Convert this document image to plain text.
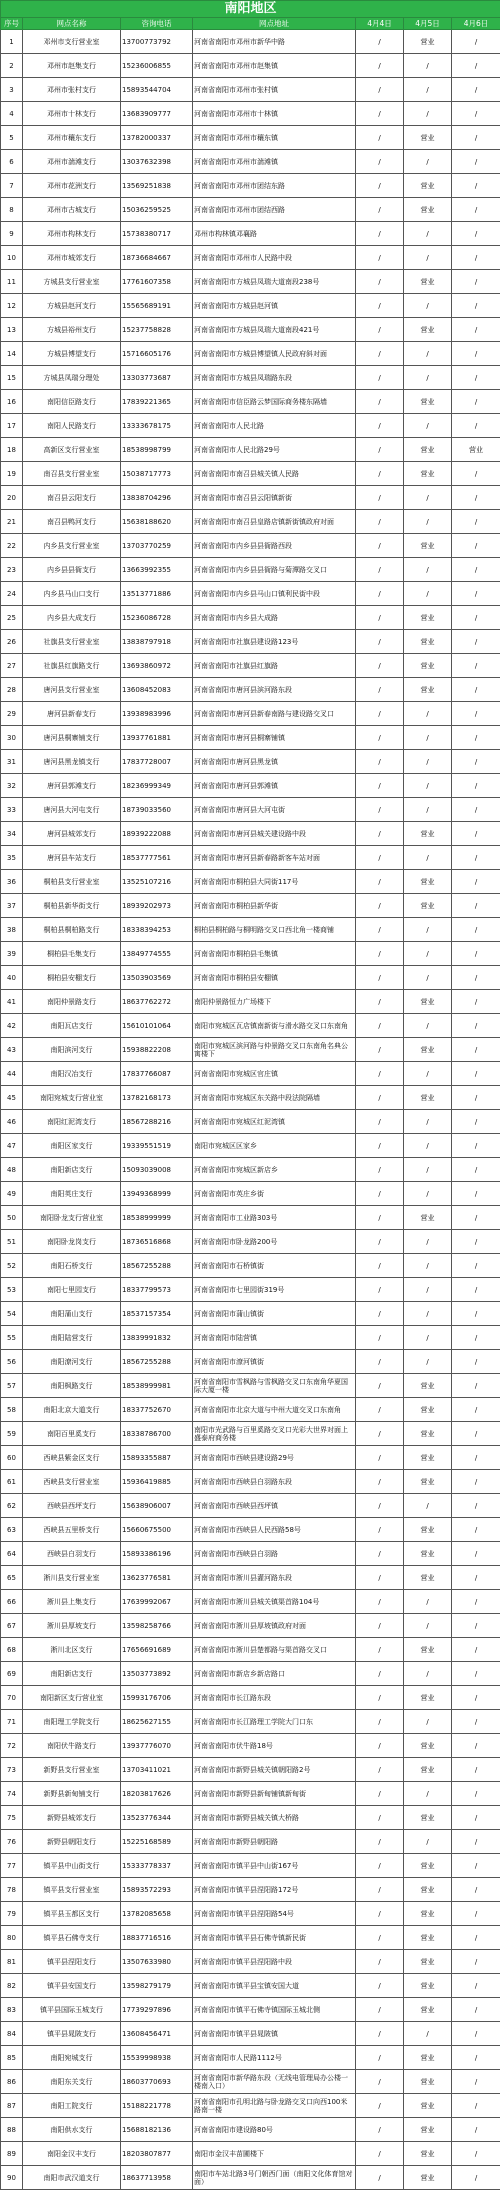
南阳地区						
序号	网点名称	咨询电话	网点地址	4月4日	4月5日	4月6日
1	邓州市支行营业室	13700773792	河南省南阳市邓州市新华中路	/	营业	/
2	邓州市赵集支行	15236006855	河南省南阳市邓州市赵集镇	/	/	/
3	邓州市张村支行	15893544704	河南省南阳市邓州市张村镇	/	/	/
4	邓州市十林支行	13683909777	河南省南阳市邓州市十林镇	/	/	/
5	邓州市穰东支行	13782000337	河南省南阳市邓州市穰东镇	/	营业	/
6	邓州市湍滩支行	13037632398	河南省南阳市邓州市湍滩镇	/	/	/
7	邓州市花洲支行	13569251838	河南省南阳市邓州市团结东路	/	营业	/
8	邓州市古城支行	15036259525	河南省南阳市邓州市团结西路	/	营业	/
9	邓州市构林支行	15738380717	邓州市构林镇邓襄路	/	/	/
10	邓州市城郊支行	18736684667	河南省南阳市邓州市人民路中段	/	/	/
11	方城县支行营业室	17761607358	河南省南阳市方城县凤瑞大道南段238号	/	营业	/
12	方城县赵河支行	15565689191	河南省南阳市方城县赵河镇	/	/	/
13	方城县裕州支行	15237758828	河南省南阳市方城县凤瑞大道南段421号	/	营业	/
14	方城县博望支行	15716605176	河南省南阳市方城县博望镇人民政府斜对面	/	/	/
15	方城县凤瑞分理处	13303773687	河南省南阳市方城县凤瑞路东段	/	/	/
16	南阳信臣路支行	17839221365	河南省南阳市信臣路云梦国际商务楼东隔墙	/	营业	/
17	南阳人民路支行	13333678175	河南省南阳市人民北路	/	/	/
18	高新区支行营业室	18538998799	河南省南阳市人民北路29号	/	营业	营业
19	南召县支行营业室	15038717773	河南省南阳市南召县城关镇人民路	/	营业	/
20	南召县云阳支行	13838704296	河南省南阳市南召县云阳镇新街	/	/	/
21	南召县鸭河支行	15638188620	河南省南阳市南召县皇路店镇新街镇政府对面	/	/	/
22	内乡县支行营业室	13703770259	河南省南阳市内乡县县衙路西段	/	营业	/
23	内乡县县衙支行	13663992355	河南省南阳市内乡县县衙路与菊潭路交叉口	/	/	/
24	内乡县马山口支行	13513771886	河南省南阳市内乡县马山口镇利民街中段	/	/	/
25	内乡县大成支行	15236086728	河南省南阳市内乡县大成路	/	营业	/
26	社旗县支行营业室	13838797918	河南省南阳市社旗县建设路123号	/	营业	/
27	社旗县红旗路支行	13693860972	河南省南阳市社旗县红旗路	/	营业	/
28	唐河县支行营业室	13608452083	河南省南阳市唐河县滨河路东段	/	营业	/
29	唐河县新春支行	13938983996	河南省南阳市唐河县新春南路与建设路交叉口	/	/	/
30	唐河县桐寨铺支行	13937761881	河南省南阳市唐河县桐寨铺镇	/	/	/
31	唐河县黑龙镇支行	17837728007	河南省南阳市唐河县黑龙镇	/	/	/
32	唐河县郭滩支行	18236999349	河南省南阳市唐河县郭滩镇	/	/	/
33	唐河县大河屯支行	18739033560	河南省南阳市唐河县大河屯街	/	/	/
34	唐河县城郊支行	18939222088	河南省南阳市唐河县城关建设路中段	/	营业	/
35	唐河县车站支行	18537777561	河南省南阳市唐河县新春路新客车站对面	/	/	/
36	桐柏县支行营业室	13525107216	河南省南阳市桐柏县大同街117号	/	营业	/
37	桐柏县新华街支行	18939202973	河南省南阳市桐柏县新华街	/	营业	/
38	桐柏县桐柏路支行	18338394253	桐柏县桐柏路与桐明路交叉口西北角一楼商铺	/	/	/
39	桐柏县毛集支行	13849774555	河南省南阳市桐柏县毛集镇	/	/	/
40	桐柏县安棚支行	13503903569	河南省南阳市桐柏县安棚镇	/	/	/
41	南阳仲景路支行	18637762272	南阳仲景路恒力广场楼下	/	营业	/
42	南阳瓦店支行	15610101064	南阳市宛城区瓦店镇南新街与滑水路交叉口东南角	/	/	/
43	南阳滨河支行	15938822208	南阳市宛城区滨河路与仲景路交叉口东南角名典公寓楼下	/	营业	/
44	南阳汉冶支行	17837766087	河南省南阳市宛城区官庄镇	/	/	/
45	南阳宛城支行营业室	13782168173	河南省南阳市宛城区东关路中段法院隔墙	/	营业	/
46	南阳红泥湾支行	18567288216	河南省南阳市宛城区红泥湾镇	/	/	/
47	南阳区家支行	19339551519	南阳市宛城区区家乡	/	/	/
48	南阳新店支行	15093039008	河南省南阳市宛城区新店乡	/	/	/
49	南阳英庄支行	13949368999	河南省南阳市英庄乡街	/	/	/
50	南阳卧龙支行营业室	18538999999	河南省南阳市工业路303号	/	营业	/
51	南阳卧龙岗支行	18736516868	河南省南阳市卧龙路200号	/	/	/
52	南阳石桥支行	18567255288	河南省南阳市石桥镇街	/	/	/
53	南阳七里园支行	18337799573	河南省南阳市七里园街319号	/	/	/
54	南阳蒲山支行	18537157354	河南省南阳市蒲山镇街	/	/	/
55	南阳陆营支行	13839991832	河南省南阳市陆营镇	/	/	/
56	南阳潦河支行	18567255288	河南省南阳市潦河镇街	/	/	/
57	南阳枫路支行	18538999981	河南省南阳市雪枫路与雪枫路交叉口东南角华夏国际大厦一楼	/	营业	/
58	南阳北京大道支行	18337752670	河南省南阳市北京大道与中州大道交叉口东南角	/	营业	/
59	南阳百里奚支行	18338786700	南阳市光武路与百里奚路交叉口光彩大世界对面上盛泰府商务楼	/	营业	/
60	西峡县紫金区支行	15893355887	河南省南阳市西峡县建设路29号	/	营业	/
61	西峡县支行营业室	15936419885	河南省南阳市西峡县白羽路东段	/	营业	/
62	西峡县西坪支行	15638906007	河南省南阳市西峡县西坪镇	/	/	/
63	西峡县五里桥支行	15660675500	河南省南阳市西峡县人民西路58号	/	营业	/
64	西峡县白羽支行	15893386196	河南省南阳市西峡县白羽路	/	营业	/
65	淅川县支行营业室	13623776581	河南省南阳市淅川县灌河路东段	/	营业	/
66	淅川县上集支行	17639992067	河南省南阳市淅川县城关镇渠首路104号	/	/	/
67	淅川县厚坡支行	13598258766	河南省南阳市淅川县厚坡镇政府对面	/	/	/
68	淅川北区支行	17656691689	河南省南阳市淅川县楚都路与渠首路交叉口	/	营业	/
69	南阳新店支行	13503773892	河南省南阳市新店乡新店路口	/	/	/
70	南阳新区支行营业室	15993176706	河南省南阳市长江路东段	/	营业	/
71	南阳理工学院支行	18625627155	河南省南阳市长江路理工学院大门口东	/	/	/
72	南阳伏牛路支行	13937776070	河南省南阳市伏牛路18号	/	营业	/
73	新野县支行营业室	13703411021	河南省南阳市新野县城关镇朝阳路2号	/	营业	/
74	新野县新甸铺支行	18203817626	河南省南阳市新野县新甸铺镇新甸街	/	/	/
75	新野县城郊支行	13523776344	河南省南阳市新野县城关镇大桥路	/	营业	/
76	新野县朝阳支行	15225168589	河南省南阳市新野县朝阳路	/	/	/
77	镇平县中山街支行	15333778337	河南省南阳市镇平县中山街167号	/	营业	/
78	镇平县支行营业室	15893572293	河南省南阳市镇平县涅阳路172号	/	营业	/
79	镇平县玉都区支行	13782085658	河南省南阳市镇平县涅阳路54号	/	营业	/
80	镇平县石佛寺支行	18837716516	河南省南阳市镇平县石佛寺镇新民街	/	营业	/
81	镇平县涅阳支行	13507633980	河南省南阳市镇平县涅阳路中段	/	营业	/
82	镇平县安国支行	13598279179	河南省南阳市镇平县宝镇安国大道	/	营业	/
83	镇平县国际玉城支行	17739297896	河南省南阳市镇平石佛寺镇国际玉城北侧	/	营业	/
84	镇平县晁陂支行	13608456471	河南省南阳市镇平县晁陂镇	/	/	/
85	南阳宛城支行	15539998938	河南省南阳市人民路1112号	/	营业	/
86	南阳东关支行	18603770693	河南省南阳市新华路东段（无线电管理局办公楼一楼南入口）	/	营业	/
87	南阳工院支行	15188221778	河南省南阳市孔明北路与卧龙路交叉口向西100米路南一楼	/	营业	/
88	南阳供水支行	15688182136	河南省南阳市建设路80号	/	营业	/
89	南阳金汉丰支行	18203807877	南阳市金汉丰苗圃楼下	/	营业	/
90	南阳市武汉道支行	18637713958	南阳市车站北路3号门朝西门面（南阳文化体育馆对面）	/	营业	/
